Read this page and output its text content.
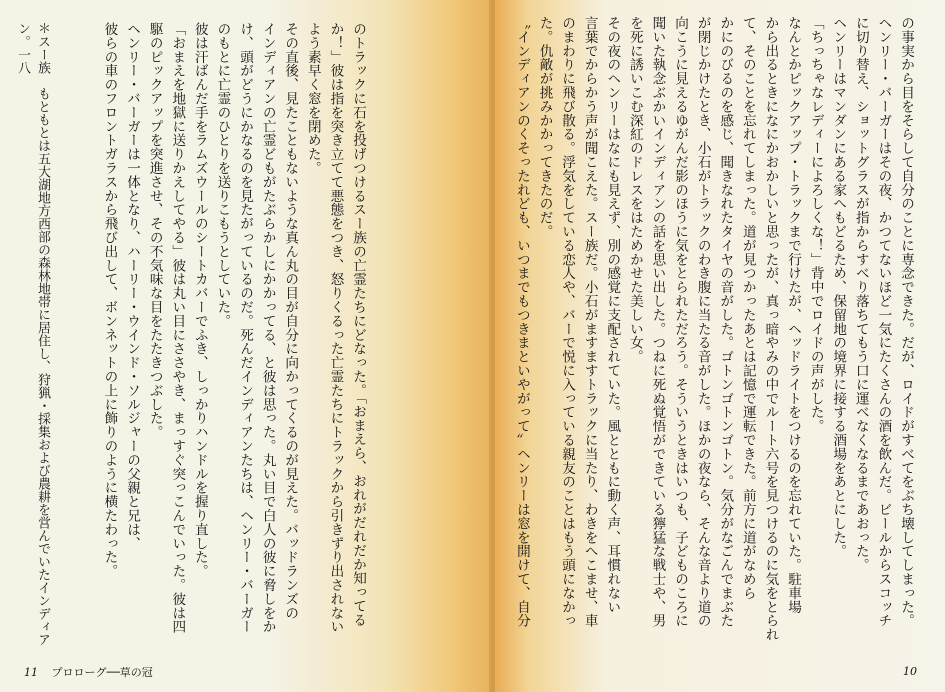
＊スー族　もともとは五大湖地方西部の森林地帯に居住し、狩猟・採集および農耕を営んでいたインディアン。一八	のトラックに石を投げつけるスー族の亡霊たちにどなった。「おまえら、おれがだれだか知ってる
か！」彼は指を突き立てて悪態をつき、怒りくるった亡霊たちにトラックから引きずり出されない
よう素早く窓を閉めた。
その直後、見たこともないような真ん丸の目が自分に向かってくるのが見えた。バッドランズの
インディアンの亡霊どもがたぶらかしにかかってる、と彼は思った。丸い目で白人の彼に脅しをか
け、頭がどうにかなるのを見たがっているのだ。死んだインディアンたちは、ヘンリー・バーガー
のもとに亡霊のひとりを送りこもうとしていた。
彼は汗ばんだ手をラムズウールのシートカバーでふき、しっかりハンドルを握り直した。
「おまえを地獄に送りかえしてやる」彼は丸い目にささやき、まっすぐ突っこんでいった。彼は四
駆のピックアップを突進させ、その不気味な目をたたきつぶした。
ヘンリー・バーガーは一体となり、ハーリー・ウインド・ソルジャーの父親と兄は、
彼らの車のフロントガラスから飛び出して、ボンネットの上に飾りのように横たわった。
11 プロローグ──草の冠
の事実から目をそらして自分のことに専念できた。だが、ロイドがすべてをぶち壊してしまった。
ヘンリー・バーガーはその夜、かつてないほど一気にたくさんの酒を飲んだ。ビールからスコッチ
に切り替え、ショットグラスが指からすべり落ちてもう口に運べなくなるまであおった。
ヘンリーはマンダンにある家へもどるため、保留地の境界に接する酒場をあとにした。
「ちっちゃなレディーによろしくな！」背中でロイドの声がした。
なんとかピックアップ・トラックまで行けたが、ヘッドライトをつけるのを忘れていた。駐車場
から出るときになにかおかしいと思ったが、真っ暗やみの中でルート六号を見つけるのに気をとられ
て、そのことを忘れてしまった。道が見つかったあとは記憶で運転できた。前方に道がなめら
かにのびるのを感じ、聞きなれたタイヤの音がした。ゴトンゴトンゴトン。気分がなごんでまぶた
が閉じかけたとき、小石がトラックのわき腹に当たる音がした。ほかの夜なら、そんな音より道の
向こうに見えるゆがんだ影のほうに気をとられただろう。そういうときはいつも、子どものころに
聞いた執念ぶかいインディアンの話を思い出した。つねに死ぬ覚悟ができている獰猛な戦士や、男
を死に誘いこむ深紅のドレスをはためかせた美しい女。
その夜のヘンリーはなにも見えず、別の感覚に支配されていた。風とともに動く声、耳慣れない
言葉でからかう声が聞こえた。スー族だ。小石がますますトラックに当たり、わきをへこませ、車
のまわりに飛び散る。浮気をしている恋人や、バーで悦に入っている親友のことはもう頭になかっ
た。仇敵が挑みかかってきたのだ。
〝インディアンのくそったれども、いつまでもつきまといやがって〟ヘンリーは窓を開けて、自分
10
